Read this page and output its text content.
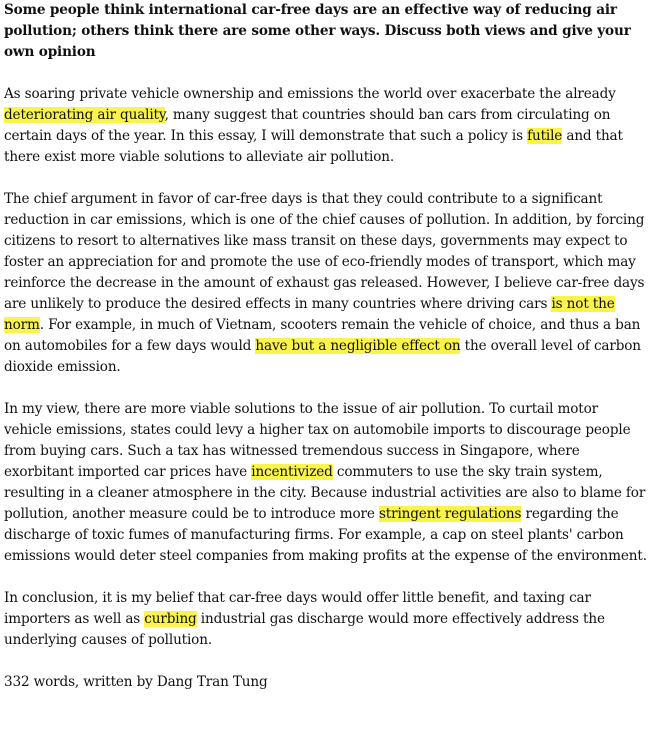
Some people think international car-free days are an effective way of reducing air pollution; others think there are some other ways. Discuss both views and give your own opinion

As soaring private vehicle ownership and emissions the world over exacerbate the already deteriorating air quality, many suggest that countries should ban cars from circulating on certain days of the year. In this essay, I will demonstrate that such a policy is futile and that there exist more viable solutions to alleviate air pollution.

The chief argument in favor of car-free days is that they could contribute to a significant reduction in car emissions, which is one of the chief causes of pollution. In addition, by forcing citizens to resort to alternatives like mass transit on these days, governments may expect to foster an appreciation for and promote the use of eco-friendly modes of transport, which may reinforce the decrease in the amount of exhaust gas released. However, I believe car-free days are unlikely to produce the desired effects in many countries where driving cars is not the norm. For example, in much of Vietnam, scooters remain the vehicle of choice, and thus a ban on automobiles for a few days would have but a negligible effect on the overall level of carbon dioxide emission.

In my view, there are more viable solutions to the issue of air pollution. To curtail motor vehicle emissions, states could levy a higher tax on automobile imports to discourage people from buying cars. Such a tax has witnessed tremendous success in Singapore, where exorbitant imported car prices have incentivized commuters to use the sky train system, resulting in a cleaner atmosphere in the city. Because industrial activities are also to blame for pollution, another measure could be to introduce more stringent regulations regarding the discharge of toxic fumes of manufacturing firms. For example, a cap on steel plants' carbon emissions would deter steel companies from making profits at the expense of the environment.

In conclusion, it is my belief that car-free days would offer little benefit, and taxing car importers as well as curbing industrial gas discharge would more effectively address the underlying causes of pollution.

332 words, written by Dang Tran Tung
